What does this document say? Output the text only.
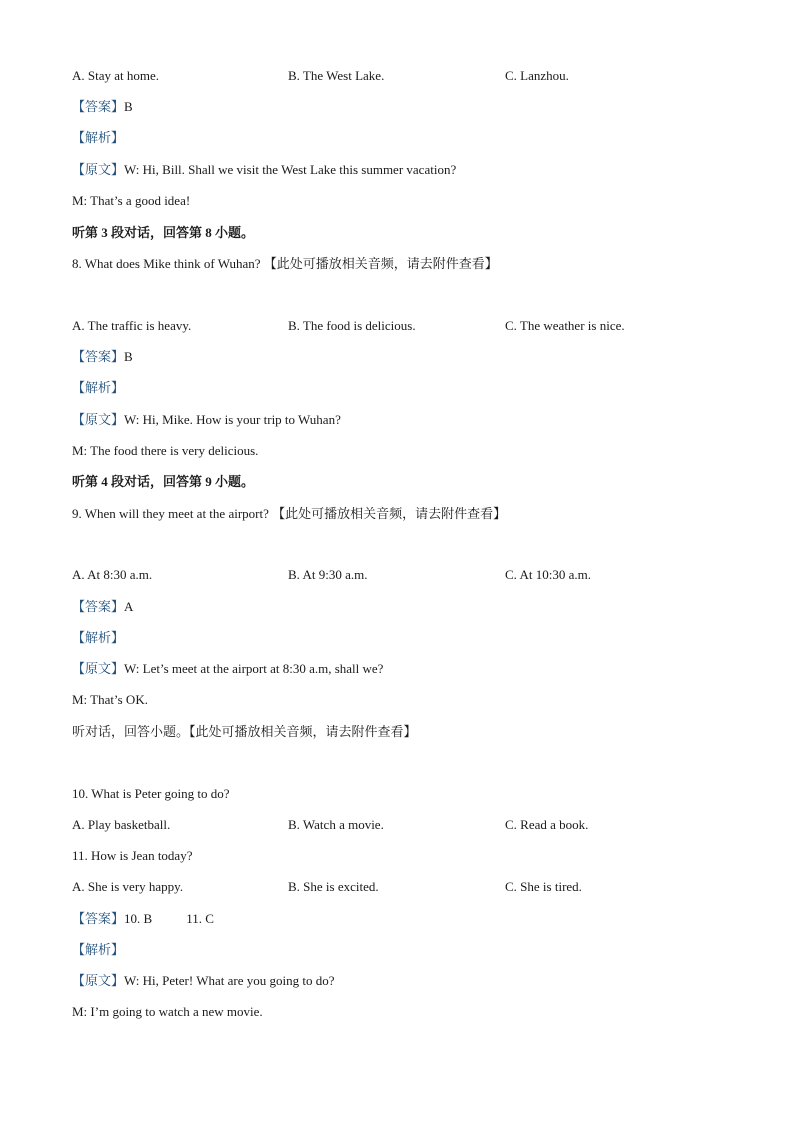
A. Stay at home.	B. The West Lake.	C. Lanzhou.
【答案】B
【解析】
【原文】W: Hi, Bill. Shall we visit the West Lake this summer vacation?
M: That’s a good idea!
听第 3 段对话，回答第 8 小题。
8. What does Mike think of Wuhan? 【此处可播放相关音频，请去附件查看】
A. The traffic is heavy.	B. The food is delicious.	C. The weather is nice.
【答案】B
【解析】
【原文】W: Hi, Mike. How is your trip to Wuhan?
M: The food there is very delicious.
听第 4 段对话，回答第 9 小题。
9. When will they meet at the airport? 【此处可播放相关音频，请去附件查看】
A. At 8:30 a.m.	B. At 9:30 a.m.	C. At 10:30 a.m.
【答案】A
【解析】
【原文】W: Let’s meet at the airport at 8:30 a.m, shall we?
M: That’s OK.
听对话，回答小题。【此处可播放相关音频，请去附件查看】
10. What is Peter going to do?
A. Play basketball.	B. Watch a movie.	C. Read a book.
11. How is Jean today?
A. She is very happy.	B. She is excited.	C. She is tired.
【答案】10. B	11. C
【解析】
【原文】W: Hi, Peter! What are you going to do?
M: I’m going to watch a new movie.
